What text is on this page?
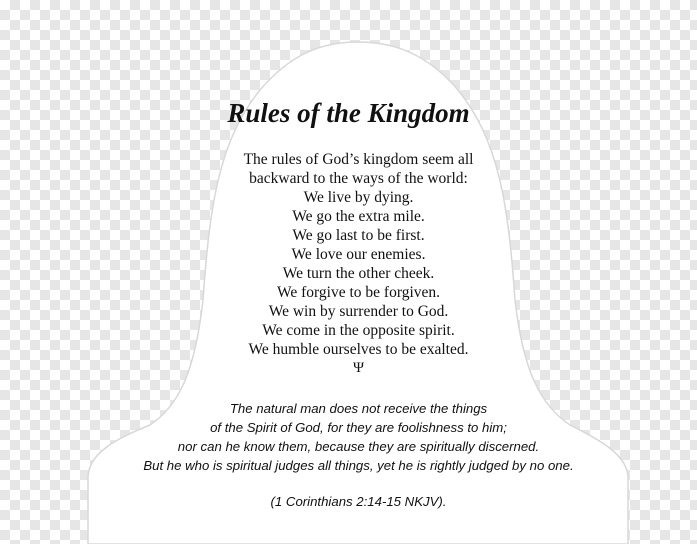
Rules of the Kingdom
The rules of God’s kingdom seem all
backward to the ways of the world:
We live by dying.
We go the extra mile.
We go last to be first.
We love our enemies.
We turn the other cheek.
We forgive to be forgiven.
We win by surrender to God.
We come in the opposite spirit.
We humble ourselves to be exalted.
Ψ
The natural man does not receive the things
of the Spirit of God, for they are foolishness to him;
nor can he know them, because they are spiritually discerned.
But he who is spiritual judges all things, yet he is rightly judged by no one.
(1 Corinthians 2:14-15 NKJV).
